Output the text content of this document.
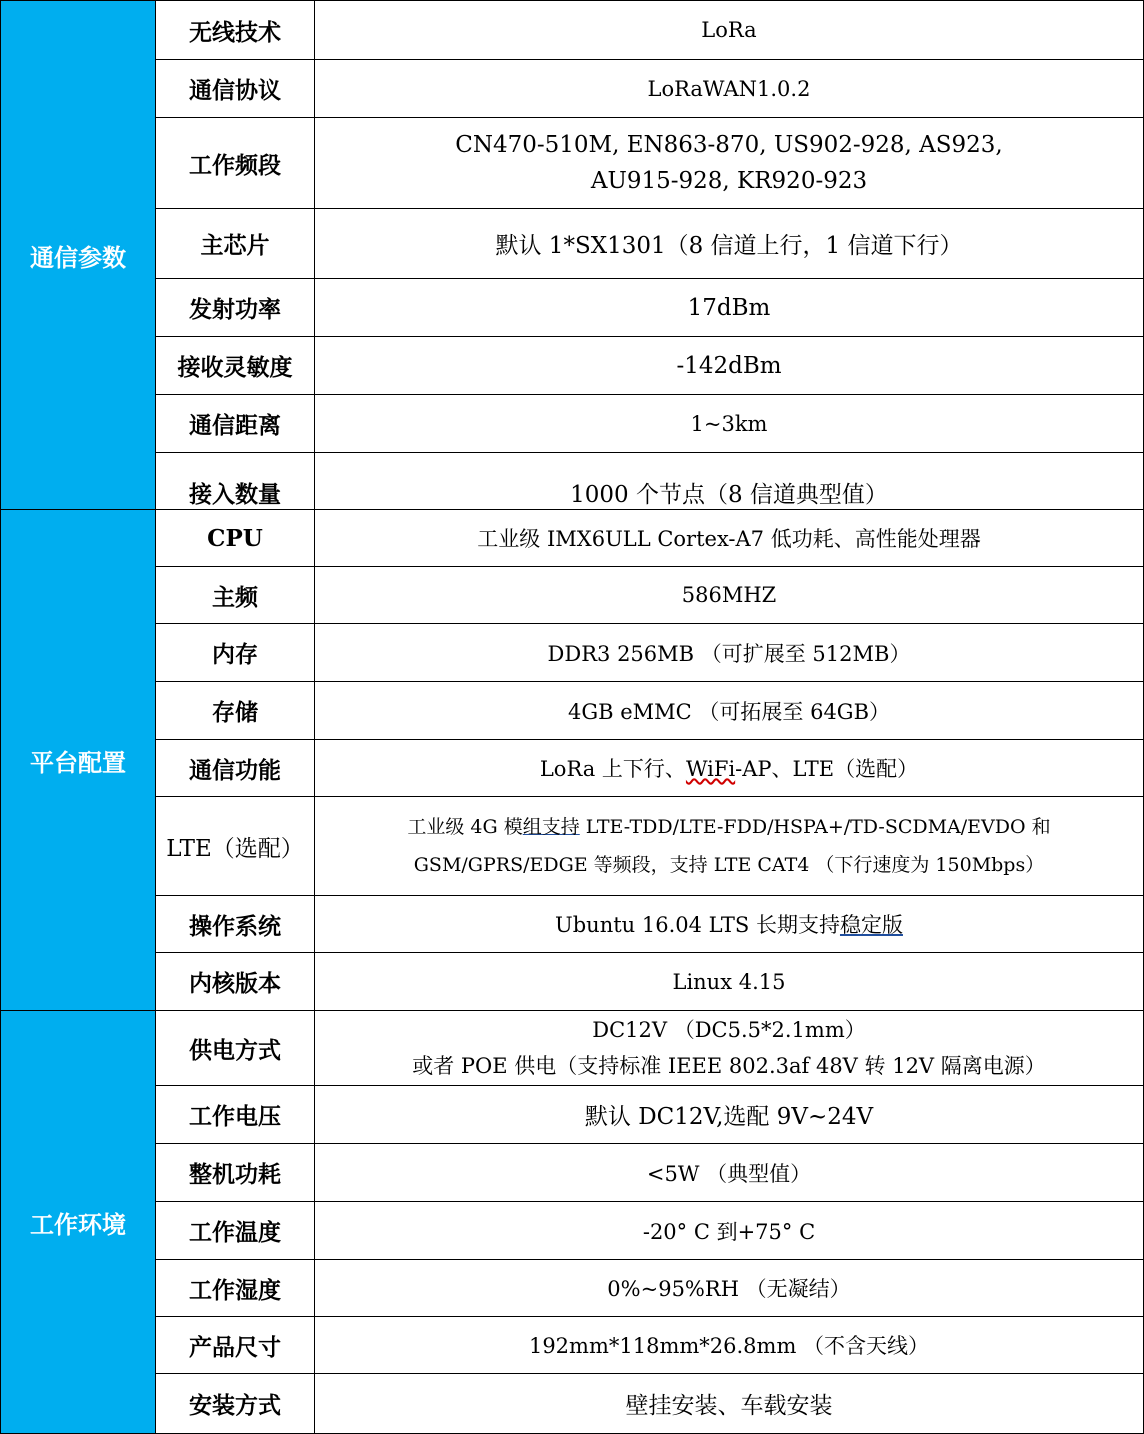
通信参数	无线技术	LoRa
	通信协议	LoRaWAN1.0.2
	工作频段	CN470-510M, EN863-870, US902-928, AS923,
AU915-928, KR920-923
	主芯片	默认 1*SX1301（8 信道上行，1 信道下行）
	发射功率	17dBm
	接收灵敏度	-142dBm
	通信距离	1~3km
	接入数量	1000 个节点（8 信道典型值）
平台配置	CPU	工业级 IMX6ULL Cortex-A7 低功耗、高性能处理器
	主频	586MHZ
	内存	DDR3 256MB （可扩展至 512MB）
	存储	4GB eMMC （可拓展至 64GB）
	通信功能	LoRa 上下行、WiFi-AP、LTE（选配）
	LTE（选配）	工业级 4G 模组支持 LTE-TDD/LTE-FDD/HSPA+/TD-SCDMA/EVDO 和
GSM/GPRS/EDGE 等频段，支持 LTE CAT4 （下行速度为 150Mbps）
	操作系统	Ubuntu 16.04 LTS 长期支持稳定版
	内核版本	Linux 4.15
工作环境	供电方式	DC12V （DC5.5*2.1mm）
或者 POE 供电（支持标准 IEEE 802.3af 48V 转 12V 隔离电源）
	工作电压	默认 DC12V,选配 9V~24V
	整机功耗	<5W （典型值）
	工作温度	-20° C 到+75° C
	工作湿度	0%~95%RH （无凝结）
	产品尺寸	192mm*118mm*26.8mm （不含天线）
	安装方式	壁挂安装、车载安装
